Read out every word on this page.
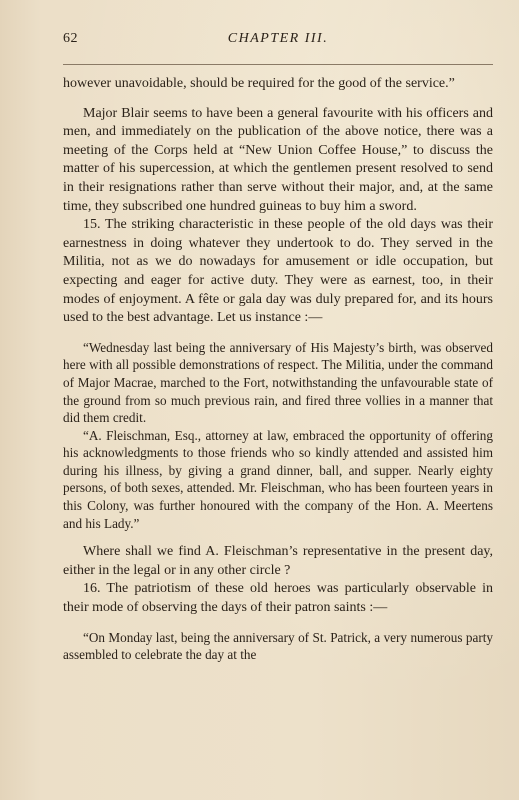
62	CHAPTER III.

however unavoidable, should be required for the good of the service.”

Major Blair seems to have been a general favourite with his officers and men, and immediately on the publication of the above notice, there was a meeting of the Corps held at “New Union Coffee House,” to discuss the matter of his supercession, at which the gentlemen present resolved to send in their resignations rather than serve without their major, and, at the same time, they subscribed one hundred guineas to buy him a sword.

15. The striking characteristic in these people of the old days was their earnestness in doing whatever they undertook to do. They served in the Militia, not as we do nowadays for amusement or idle occupation, but expecting and eager for active duty. They were as earnest, too, in their modes of enjoyment. A fête or gala day was duly prepared for, and its hours used to the best advantage. Let us instance :—

“Wednesday last being the anniversary of His Majesty’s birth, was observed here with all possible demonstrations of respect. The Militia, under the command of Major Macrae, marched to the Fort, notwithstanding the unfavourable state of the ground from so much previous rain, and fired three vollies in a manner that did them credit.

“A. Fleischman, Esq., attorney at law, embraced the opportunity of offering his acknowledgments to those friends who so kindly attended and assisted him during his illness, by giving a grand dinner, ball, and supper. Nearly eighty persons, of both sexes, attended. Mr. Fleischman, who has been fourteen years in this Colony, was further honoured with the company of the Hon. A. Meertens and his Lady.”

Where shall we find A. Fleischman’s representative in the present day, either in the legal or in any other circle ?

16. The patriotism of these old heroes was particularly observable in their mode of observing the days of their patron saints :—

“On Monday last, being the anniversary of St. Patrick, a very numerous party assembled to celebrate the day at the
